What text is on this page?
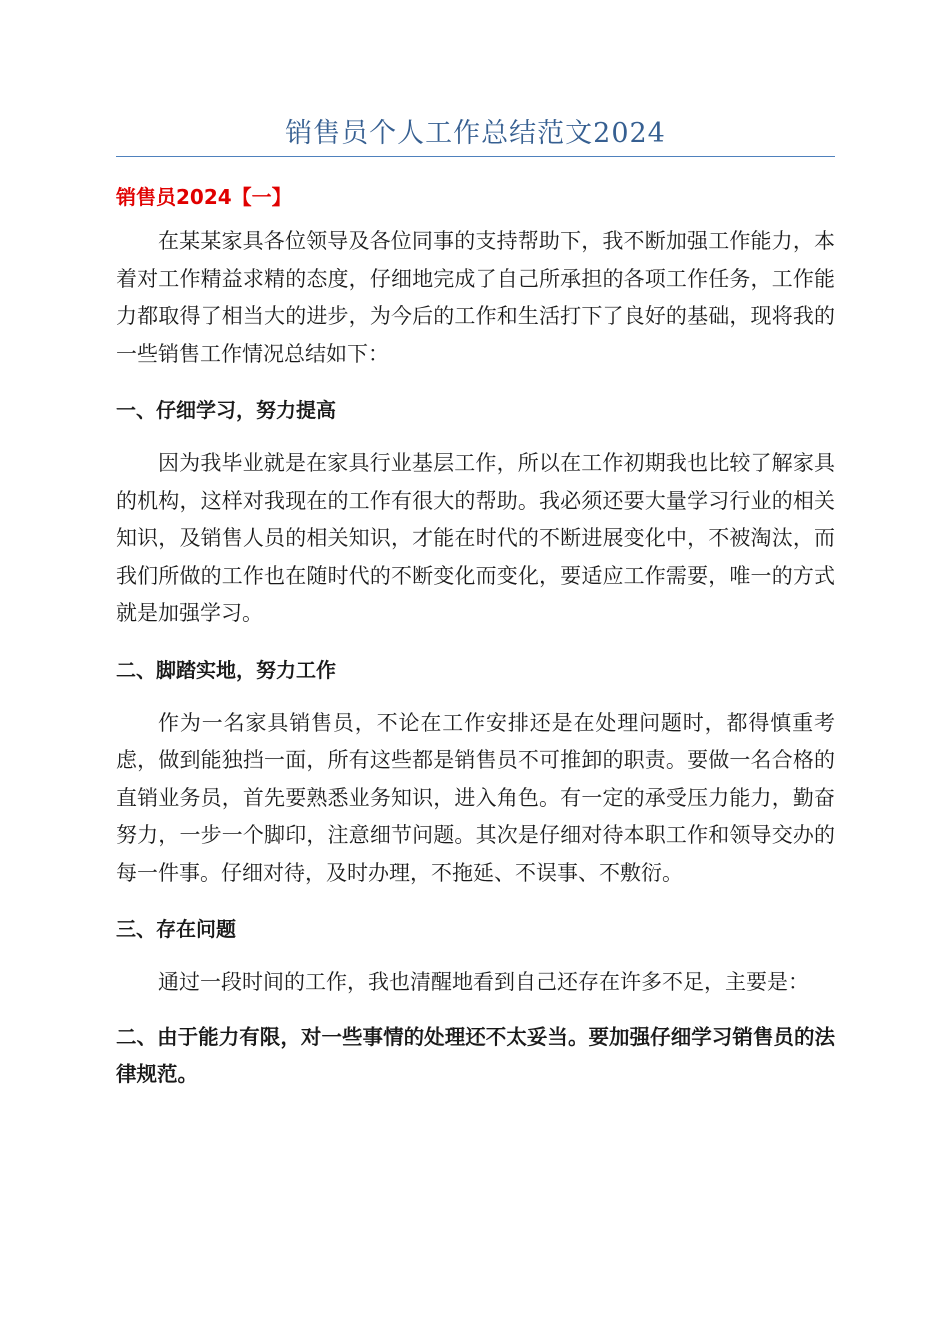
销售员个人工作总结范文2024
销售员2024【一】

在某某家具各位领导及各位同事的支持帮助下，我不断加强工作能力，本着对工作精益求精的态度，仔细地完成了自己所承担的各项工作任务，工作能力都取得了相当大的进步，为今后的工作和生活打下了良好的基础，现将我的一些销售工作情况总结如下：

一、仔细学习，努力提高

因为我毕业就是在家具行业基层工作，所以在工作初期我也比较了解家具的机构，这样对我现在的工作有很大的帮助。我必须还要大量学习行业的相关知识，及销售人员的相关知识，才能在时代的不断进展变化中，不被淘汰，而我们所做的工作也在随时代的不断变化而变化，要适应工作需要，唯一的方式就是加强学习。

二、脚踏实地，努力工作

作为一名家具销售员，不论在工作安排还是在处理问题时，都得慎重考虑，做到能独挡一面，所有这些都是销售员不可推卸的职责。要做一名合格的直销业务员，首先要熟悉业务知识，进入角色。有一定的承受压力能力，勤奋努力，一步一个脚印，注意细节问题。其次是仔细对待本职工作和领导交办的每一件事。仔细对待，及时办理，不拖延、不误事、不敷衍。

三、存在问题

通过一段时间的工作，我也清醒地看到自己还存在许多不足，主要是：

二、由于能力有限，对一些事情的处理还不太妥当。要加强仔细学习销售员的法律规范。
